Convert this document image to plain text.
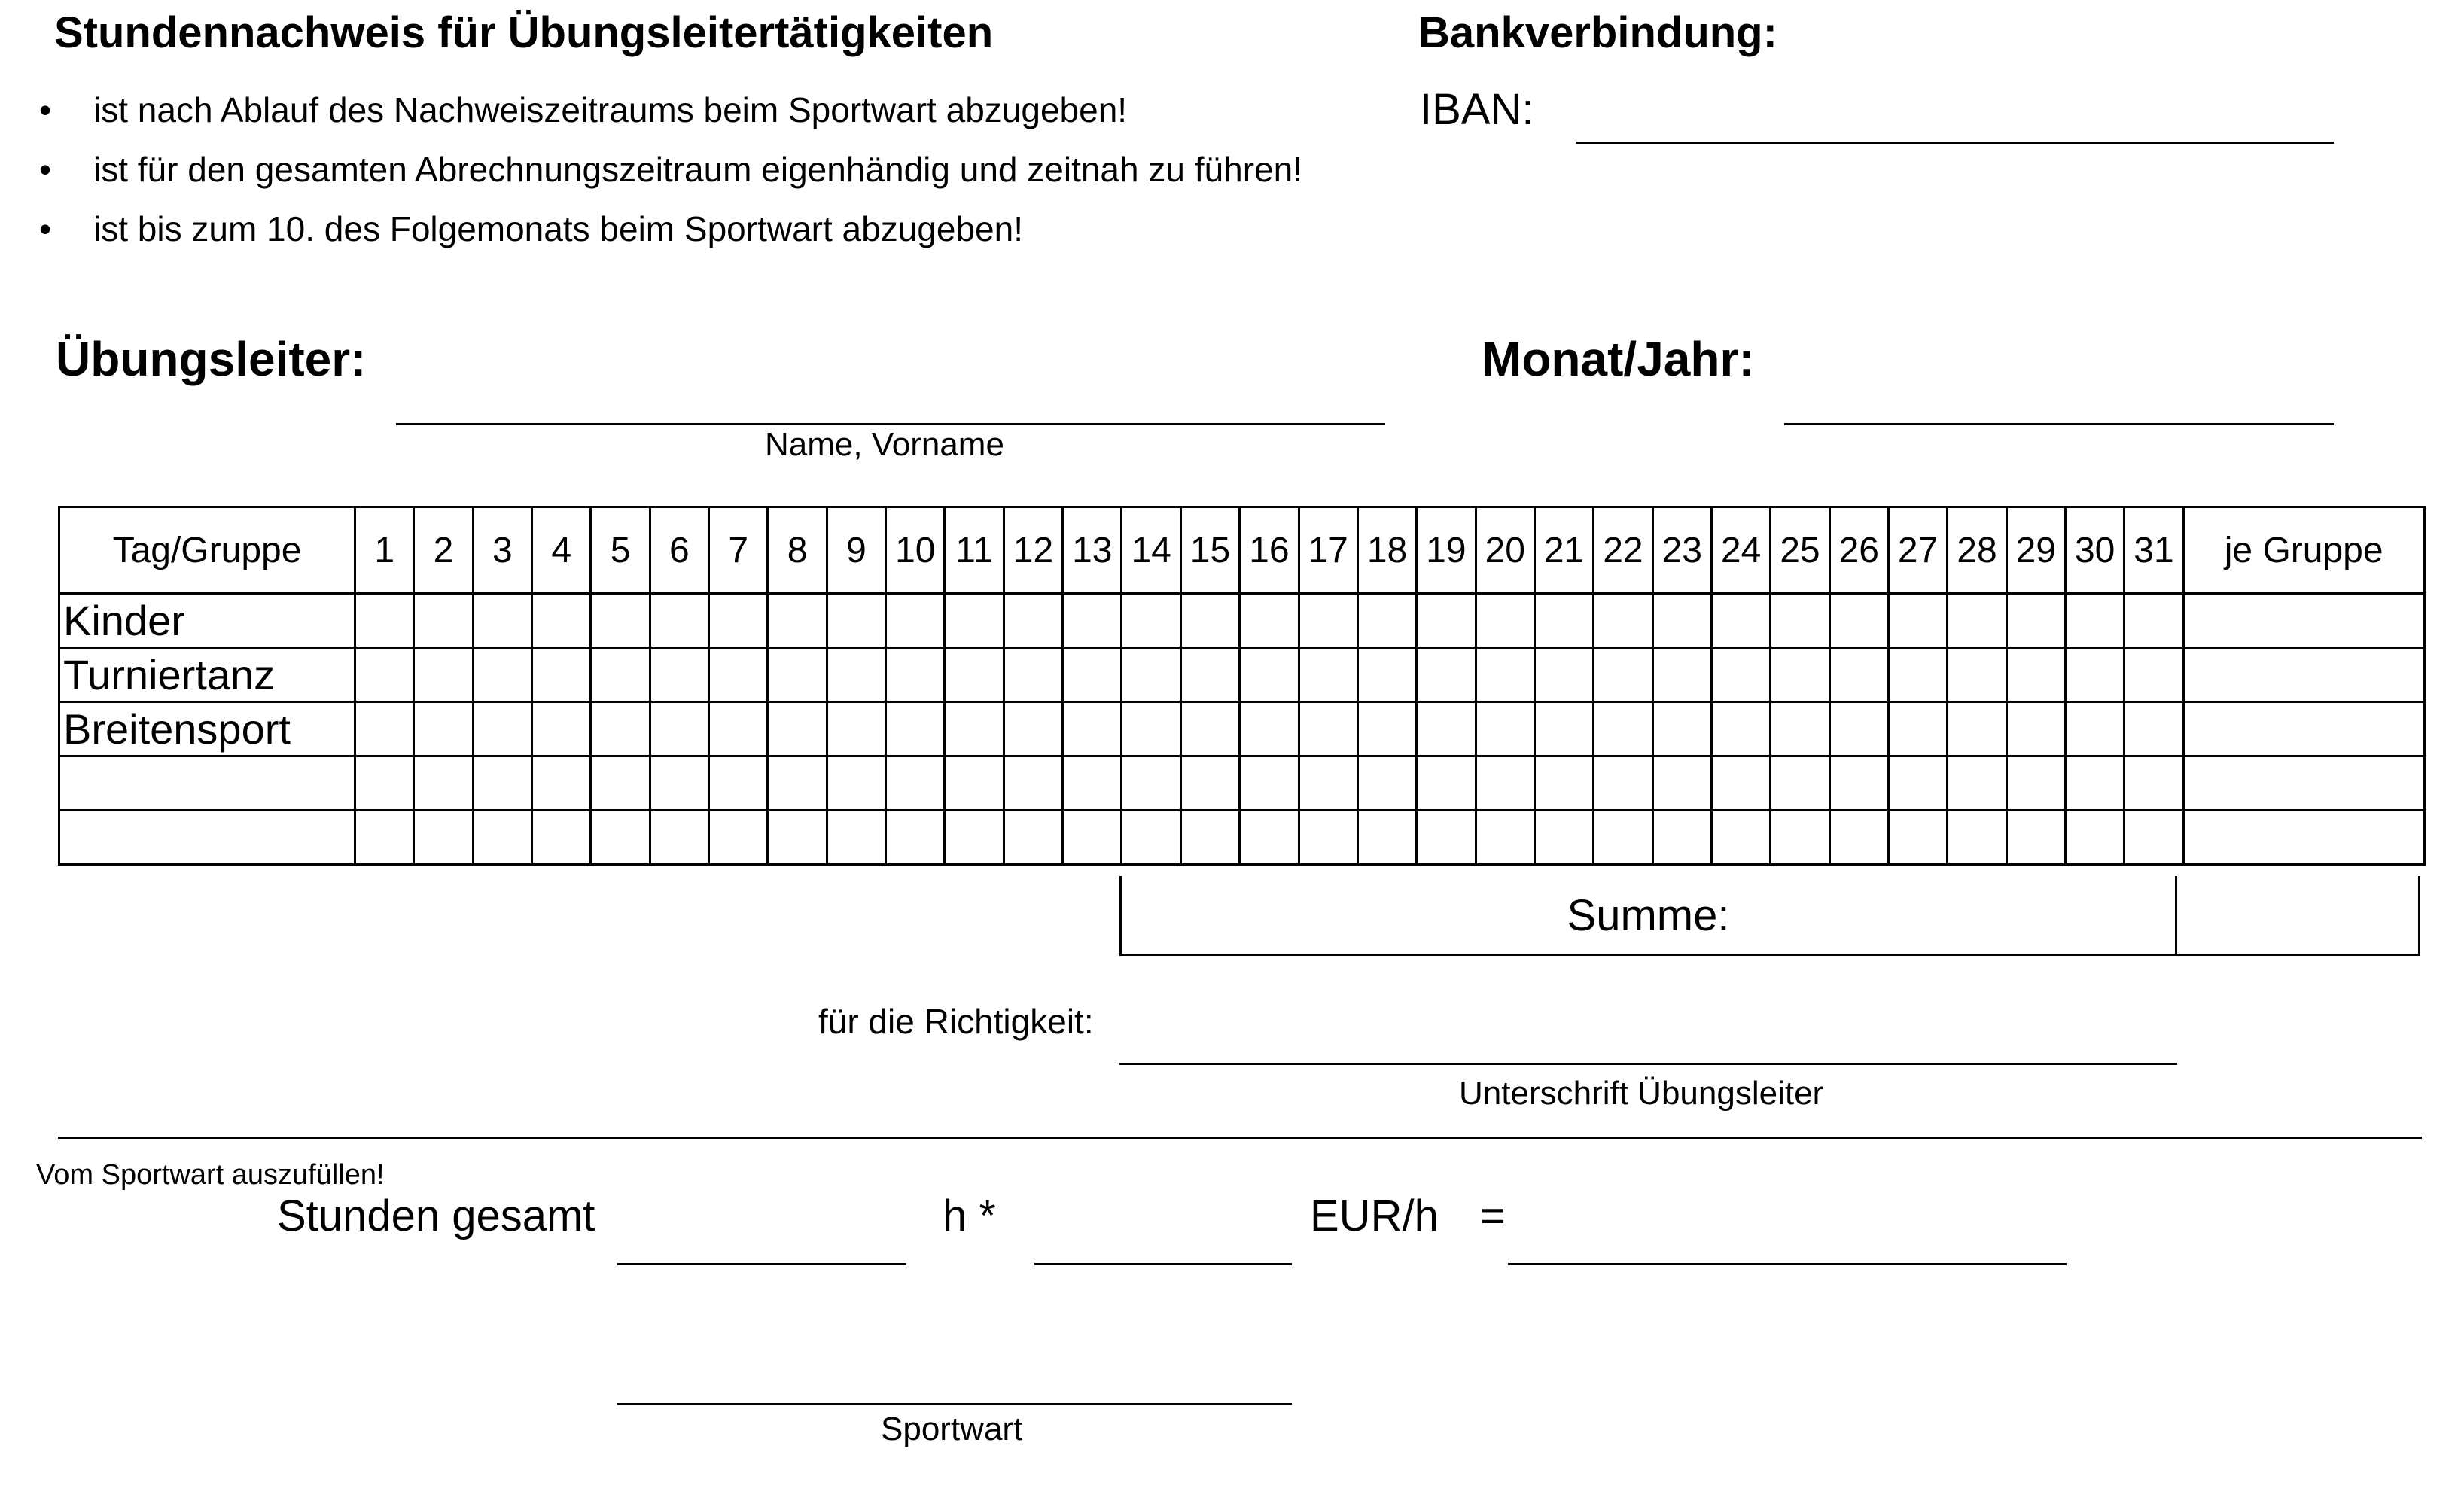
Stundennachweis für Übungsleitertätigkeiten	Bankverbindung:
IBAN:
• ist nach Ablauf des Nachweiszeitraums beim Sportwart abzugeben!
• ist für den gesamten Abrechnungszeitraum eigenhändig und zeitnah zu führen!
• ist bis zum 10. des Folgemonats beim Sportwart abzugeben!
Übungsleiter:
Name, Vorname
Monat/Jahr:
Tag/Gruppe	1	2	3	4	5	6	7	8	9	10	11	12	13	14	15	16	17	18	19	20	21	22	23	24	25	26	27	28	29	30	31	je Gruppe
Kinder																																
Turniertanz																																
Breitensport																																

Summe:
für die Richtigkeit:
Unterschrift Übungsleiter
Vom Sportwart auszufüllen!
Stunden gesamt	h *	EUR/h =
Sportwart
